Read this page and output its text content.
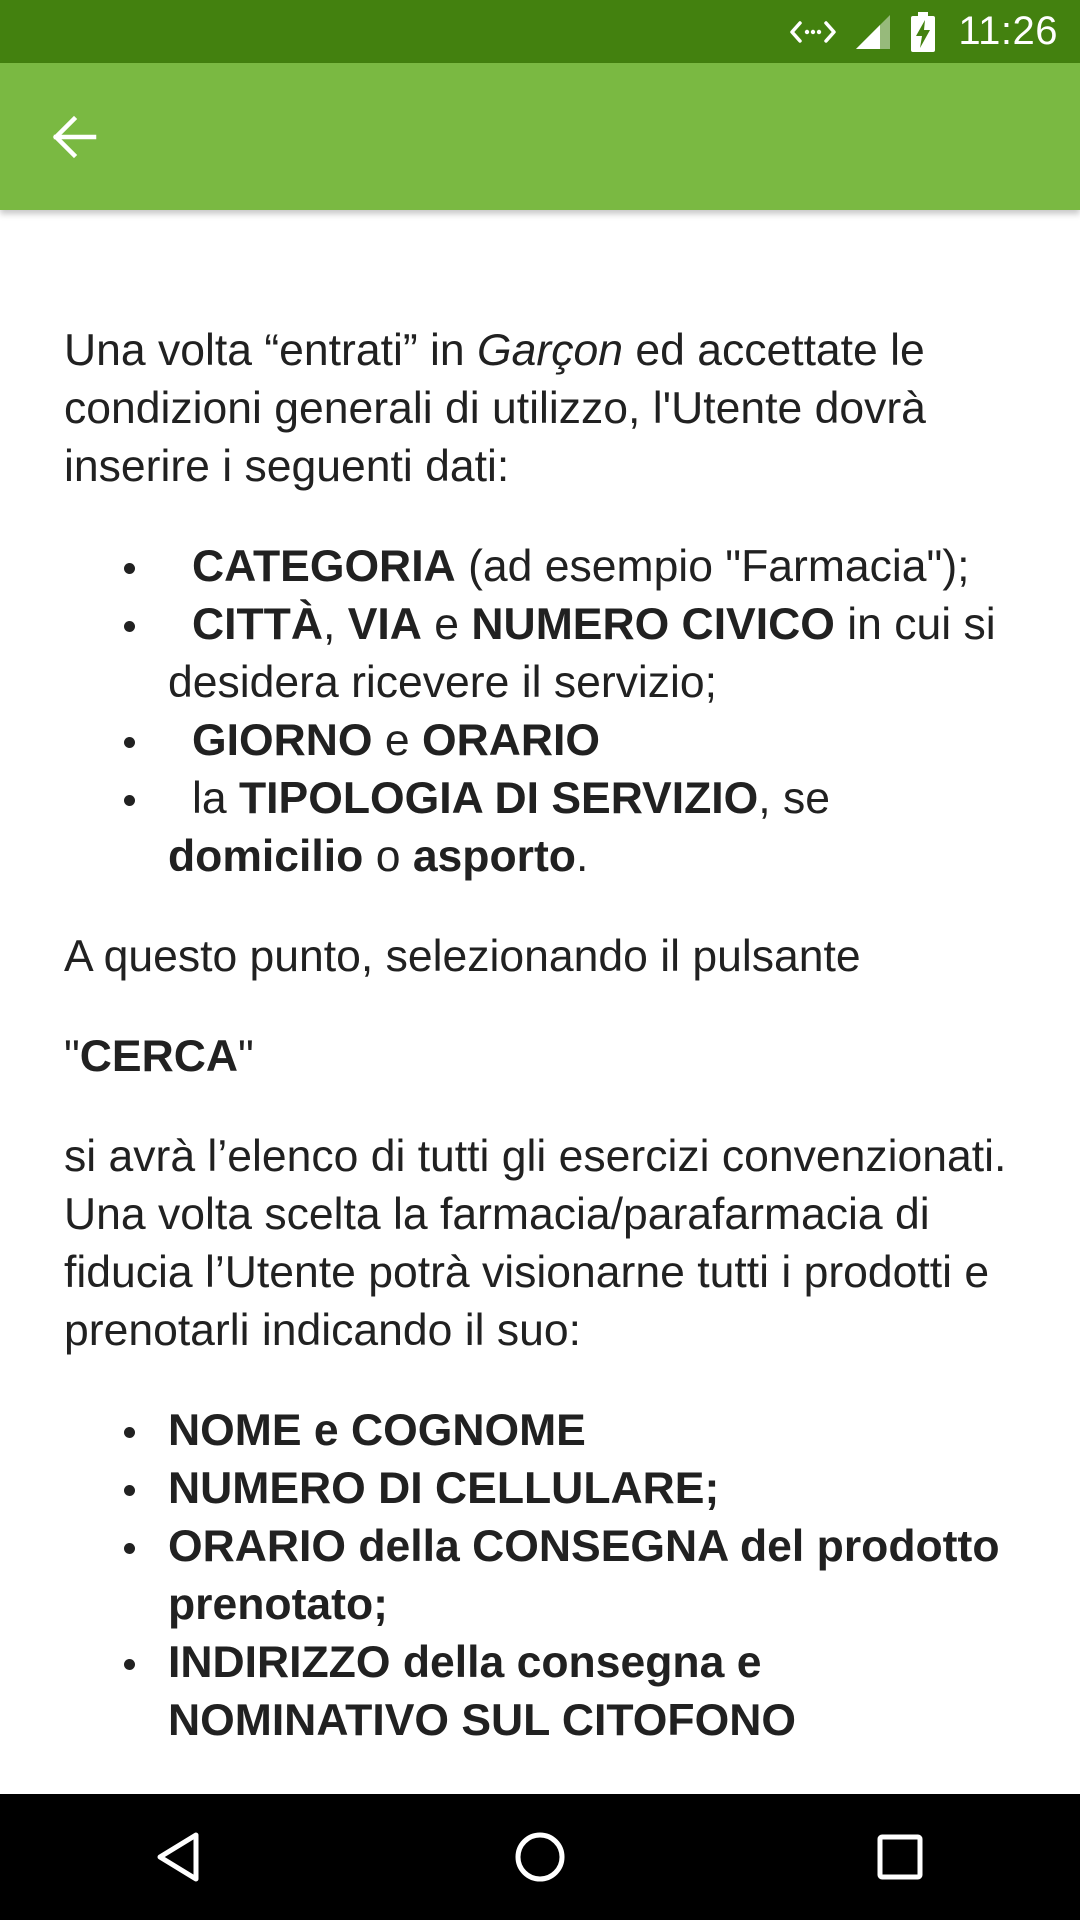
11:26

Una volta “entrati” in Garçon ed accettate le condizioni generali di utilizzo, l'Utente dovrà inserire i seguenti dati:

CATEGORIA (ad esempio "Farmacia");
CITTÀ, VIA e NUMERO CIVICO in cui si desidera ricevere il servizio;
GIORNO e ORARIO
la TIPOLOGIA DI SERVIZIO, se domicilio o asporto.

A questo punto, selezionando il pulsante

"CERCA"

si avrà l’elenco di tutti gli esercizi convenzionati. Una volta scelta la farmacia/parafarmacia di fiducia l’Utente potrà visionarne tutti i prodotti e prenotarli indicando il suo:

NOME e COGNOME
NUMERO DI CELLULARE;
ORARIO della CONSEGNA del prodotto prenotato;
INDIRIZZO della consegna e NOMINATIVO SUL CITOFONO
